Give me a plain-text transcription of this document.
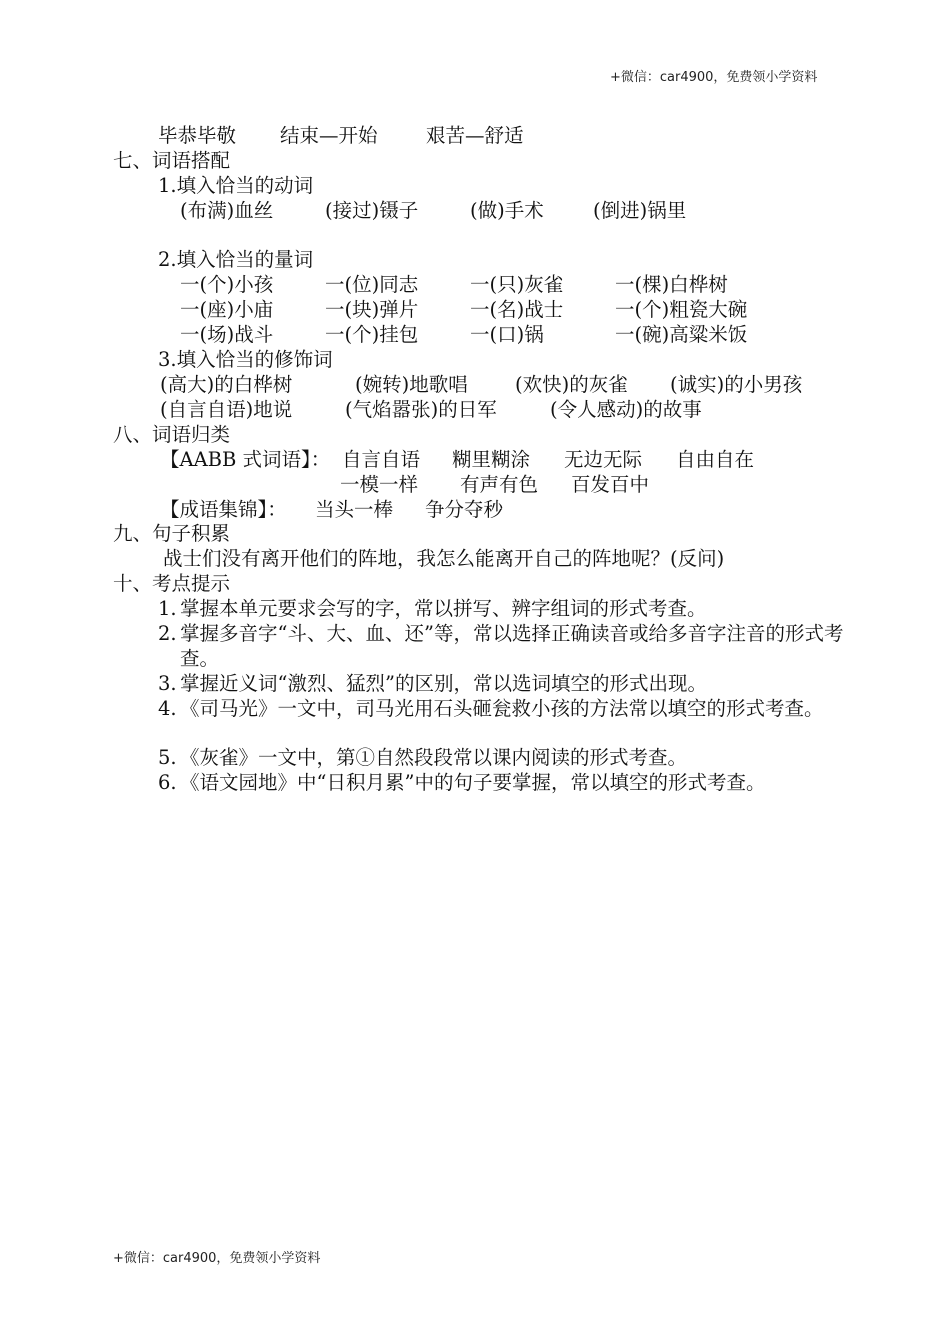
+微信：car4900，免费领小学资料
毕恭毕敬 结束—开始 艰苦—舒适
七、词语搭配
1.填入恰当的动词
(布满)血丝	(接过)镊子	(做)手术	(倒进)锅里
2.填入恰当的量词
一(个)小孩	一(位)同志	一(只)灰雀	一(棵)白桦树
一(座)小庙	一(块)弹片	一(名)战士	一(个)粗瓷大碗
一(场)战斗	一(个)挂包	一(口)锅	一(碗)高粱米饭
3.填入恰当的修饰词
(高大)的白桦树	(婉转)地歌唱 (欢快)的灰雀 (诚实)的小男孩
(自言自语)地说	(气焰嚣张)的日军	(令人感动)的故事
八、词语归类
【AABB 式词语】： 自言自语 糊里糊涂 无边无际 自由自在
一模一样 有声有色 百发百中
【成语集锦】： 当头一棒 争分夺秒
九、句子积累
战士们没有离开他们的阵地，我怎么能离开自己的阵地呢？(反问)
十、考点提示
1. 掌握本单元要求会写的字，常以拼写、辨字组词的形式考查。
2. 掌握多音字“斗、大、血、还”等，常以选择正确读音或给多音字注音的形式考查。
3. 掌握近义词“激烈、猛烈”的区别，常以选词填空的形式出现。
4. 《司马光》一文中，司马光用石头砸瓮救小孩的方法常以填空的形式考查。
5. 《灰雀》一文中，第①自然段段常以课内阅读的形式考查。
6. 《语文园地》中“日积月累”中的句子要掌握，常以填空的形式考查。
+微信：car4900，免费领小学资料
